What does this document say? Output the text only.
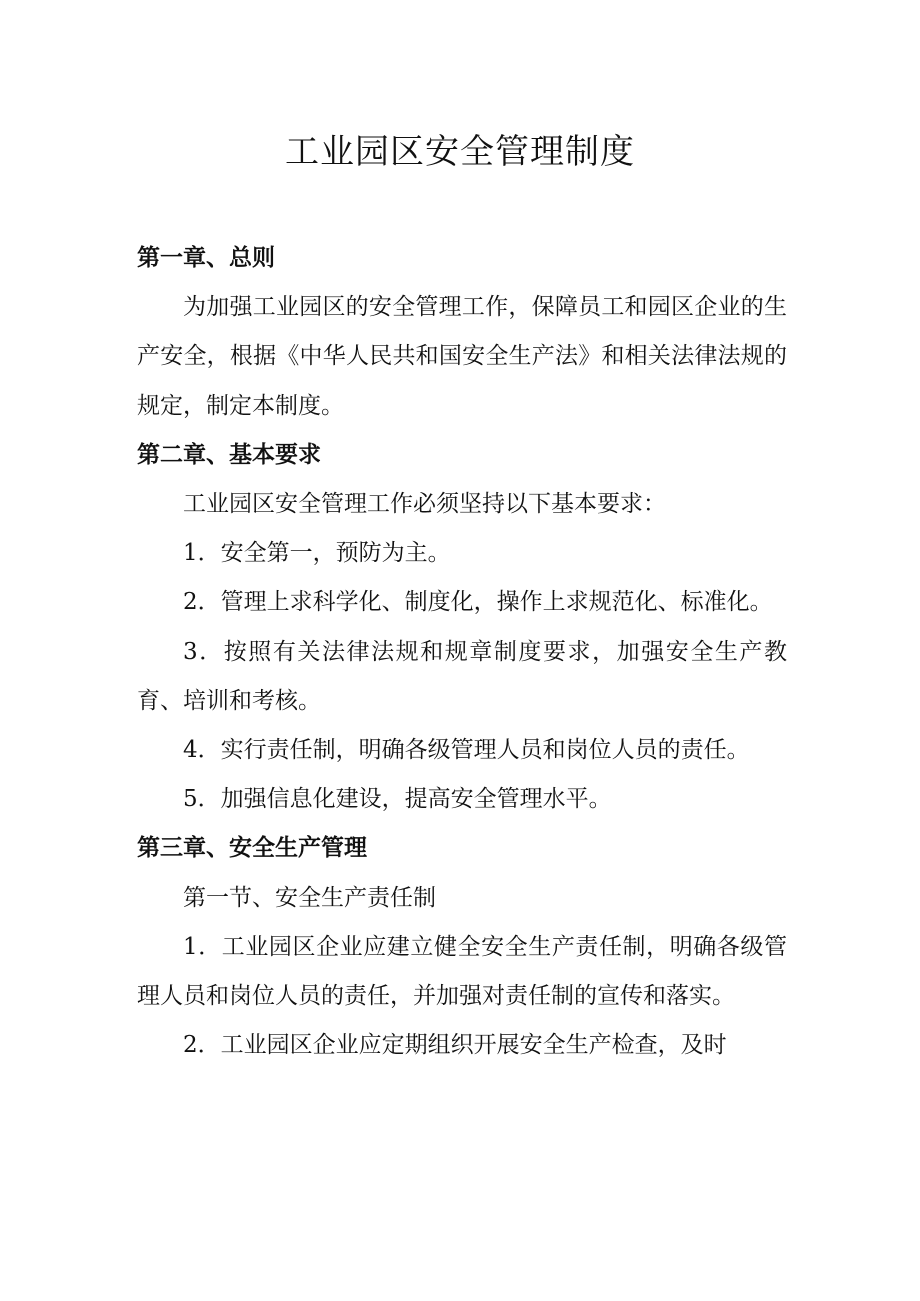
工业园区安全管理制度

第一章、总则

为加强工业园区的安全管理工作，保障员工和园区企业的生产安全，根据《中华人民共和国安全生产法》和相关法律法规的规定，制定本制度。

第二章、基本要求

工业园区安全管理工作必须坚持以下基本要求：

1．安全第一，预防为主。

2．管理上求科学化、制度化，操作上求规范化、标准化。

3．按照有关法律法规和规章制度要求，加强安全生产教育、培训和考核。

4．实行责任制，明确各级管理人员和岗位人员的责任。

5．加强信息化建设，提高安全管理水平。

第三章、安全生产管理

第一节、安全生产责任制

1．工业园区企业应建立健全安全生产责任制，明确各级管理人员和岗位人员的责任，并加强对责任制的宣传和落实。

2．工业园区企业应定期组织开展安全生产检查，及时
